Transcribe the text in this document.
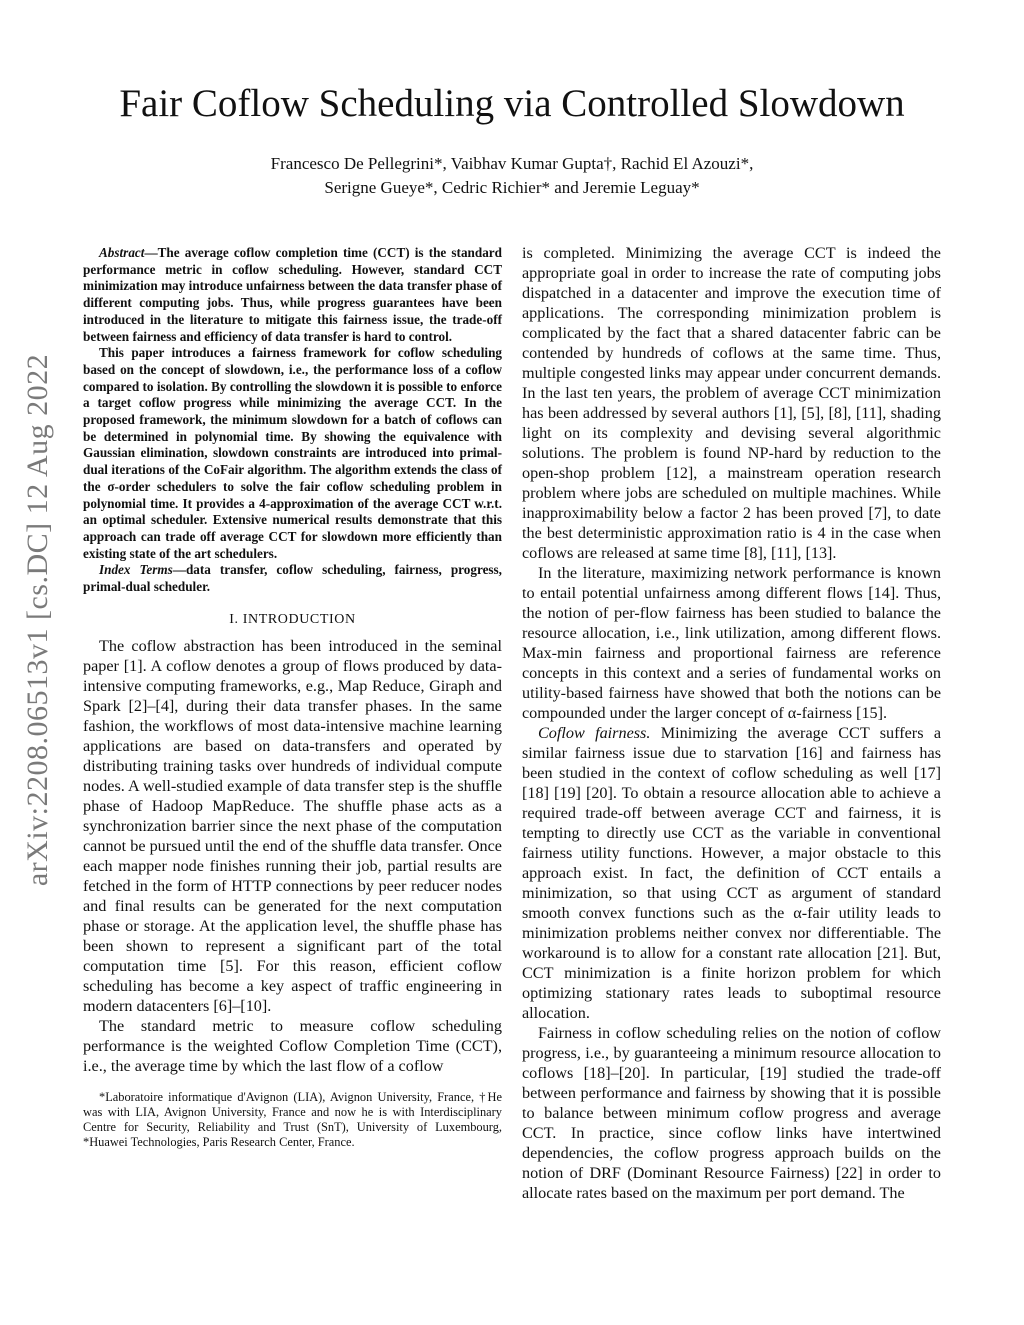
arXiv:2208.06513v1 [cs.DC] 12 Aug 2022
Fair Coflow Scheduling via Controlled Slowdown
Francesco De Pellegrini*, Vaibhav Kumar Gupta†, Rachid El Azouzi*,
Serigne Gueye*, Cedric Richier* and Jeremie Leguay*

Abstract—The average coflow completion time (CCT) is the standard performance metric in coflow scheduling. However, standard CCT minimization may introduce unfairness between the data transfer phase of different computing jobs. Thus, while progress guarantees have been introduced in the literature to mitigate this fairness issue, the trade-off between fairness and efficiency of data transfer is hard to control.

This paper introduces a fairness framework for coflow scheduling based on the concept of slowdown, i.e., the performance loss of a coflow compared to isolation. By controlling the slowdown it is possible to enforce a target coflow progress while minimizing the average CCT. In the proposed framework, the minimum slowdown for a batch of coflows can be determined in polynomial time. By showing the equivalence with Gaussian elimination, slowdown constraints are introduced into primal-dual iterations of the CoFair algorithm. The algorithm extends the class of the σ-order schedulers to solve the fair coflow scheduling problem in polynomial time. It provides a 4-approximation of the average CCT w.r.t. an optimal scheduler. Extensive numerical results demonstrate that this approach can trade off average CCT for slowdown more efficiently than existing state of the art schedulers.

Index Terms—data transfer, coflow scheduling, fairness, progress, primal-dual scheduler.

I. INTRODUCTION

The coflow abstraction has been introduced in the seminal paper [1]. A coflow denotes a group of flows produced by data-intensive computing frameworks, e.g., Map Reduce, Giraph and Spark [2]–[4], during their data transfer phases. In the same fashion, the workflows of most data-intensive machine learning applications are based on data-transfers and operated by distributing training tasks over hundreds of individual compute nodes. A well-studied example of data transfer step is the shuffle phase of Hadoop MapReduce. The shuffle phase acts as a synchronization barrier since the next phase of the computation cannot be pursued until the end of the shuffle data transfer. Once each mapper node finishes running their job, partial results are fetched in the form of HTTP connections by peer reducer nodes and final results can be generated for the next computation phase or storage. At the application level, the shuffle phase has been shown to represent a significant part of the total computation time [5]. For this reason, efficient coflow scheduling has become a key aspect of traffic engineering in modern datacenters [6]–[10].

The standard metric to measure coflow scheduling performance is the weighted Coflow Completion Time (CCT), i.e., the average time by which the last flow of a coflow

*Laboratoire informatique d'Avignon (LIA), Avignon University, France, †He was with LIA, Avignon University, France and now he is with Interdisciplinary Centre for Security, Reliability and Trust (SnT), University of Luxembourg, *Huawei Technologies, Paris Research Center, France.

is completed. Minimizing the average CCT is indeed the appropriate goal in order to increase the rate of computing jobs dispatched in a datacenter and improve the execution time of applications. The corresponding minimization problem is complicated by the fact that a shared datacenter fabric can be contended by hundreds of coflows at the same time. Thus, multiple congested links may appear under concurrent demands. In the last ten years, the problem of average CCT minimization has been addressed by several authors [1], [5], [8], [11], shading light on its complexity and devising several algorithmic solutions. The problem is found NP-hard by reduction to the open-shop problem [12], a mainstream operation research problem where jobs are scheduled on multiple machines. While inapproximability below a factor 2 has been proved [7], to date the best deterministic approximation ratio is 4 in the case when coflows are released at same time [8], [11], [13].

In the literature, maximizing network performance is known to entail potential unfairness among different flows [14]. Thus, the notion of per-flow fairness has been studied to balance the resource allocation, i.e., link utilization, among different flows. Max-min fairness and proportional fairness are reference concepts in this context and a series of fundamental works on utility-based fairness have showed that both the notions can be compounded under the larger concept of α-fairness [15].

Coflow fairness. Minimizing the average CCT suffers a similar fairness issue due to starvation [16] and fairness has been studied in the context of coflow scheduling as well [17] [18] [19] [20]. To obtain a resource allocation able to achieve a required trade-off between average CCT and fairness, it is tempting to directly use CCT as the variable in conventional fairness utility functions. However, a major obstacle to this approach exist. In fact, the definition of CCT entails a minimization, so that using CCT as argument of standard smooth convex functions such as the α-fair utility leads to minimization problems neither convex nor differentiable. The workaround is to allow for a constant rate allocation [21]. But, CCT minimization is a finite horizon problem for which optimizing stationary rates leads to suboptimal resource allocation.

Fairness in coflow scheduling relies on the notion of coflow progress, i.e., by guaranteeing a minimum resource allocation to coflows [18]–[20]. In particular, [19] studied the trade-off between performance and fairness by showing that it is possible to balance between minimum coflow progress and average CCT. In practice, since coflow links have intertwined dependencies, the coflow progress approach builds on the notion of DRF (Dominant Resource Fairness) [22] in order to allocate rates based on the maximum per port demand. The
